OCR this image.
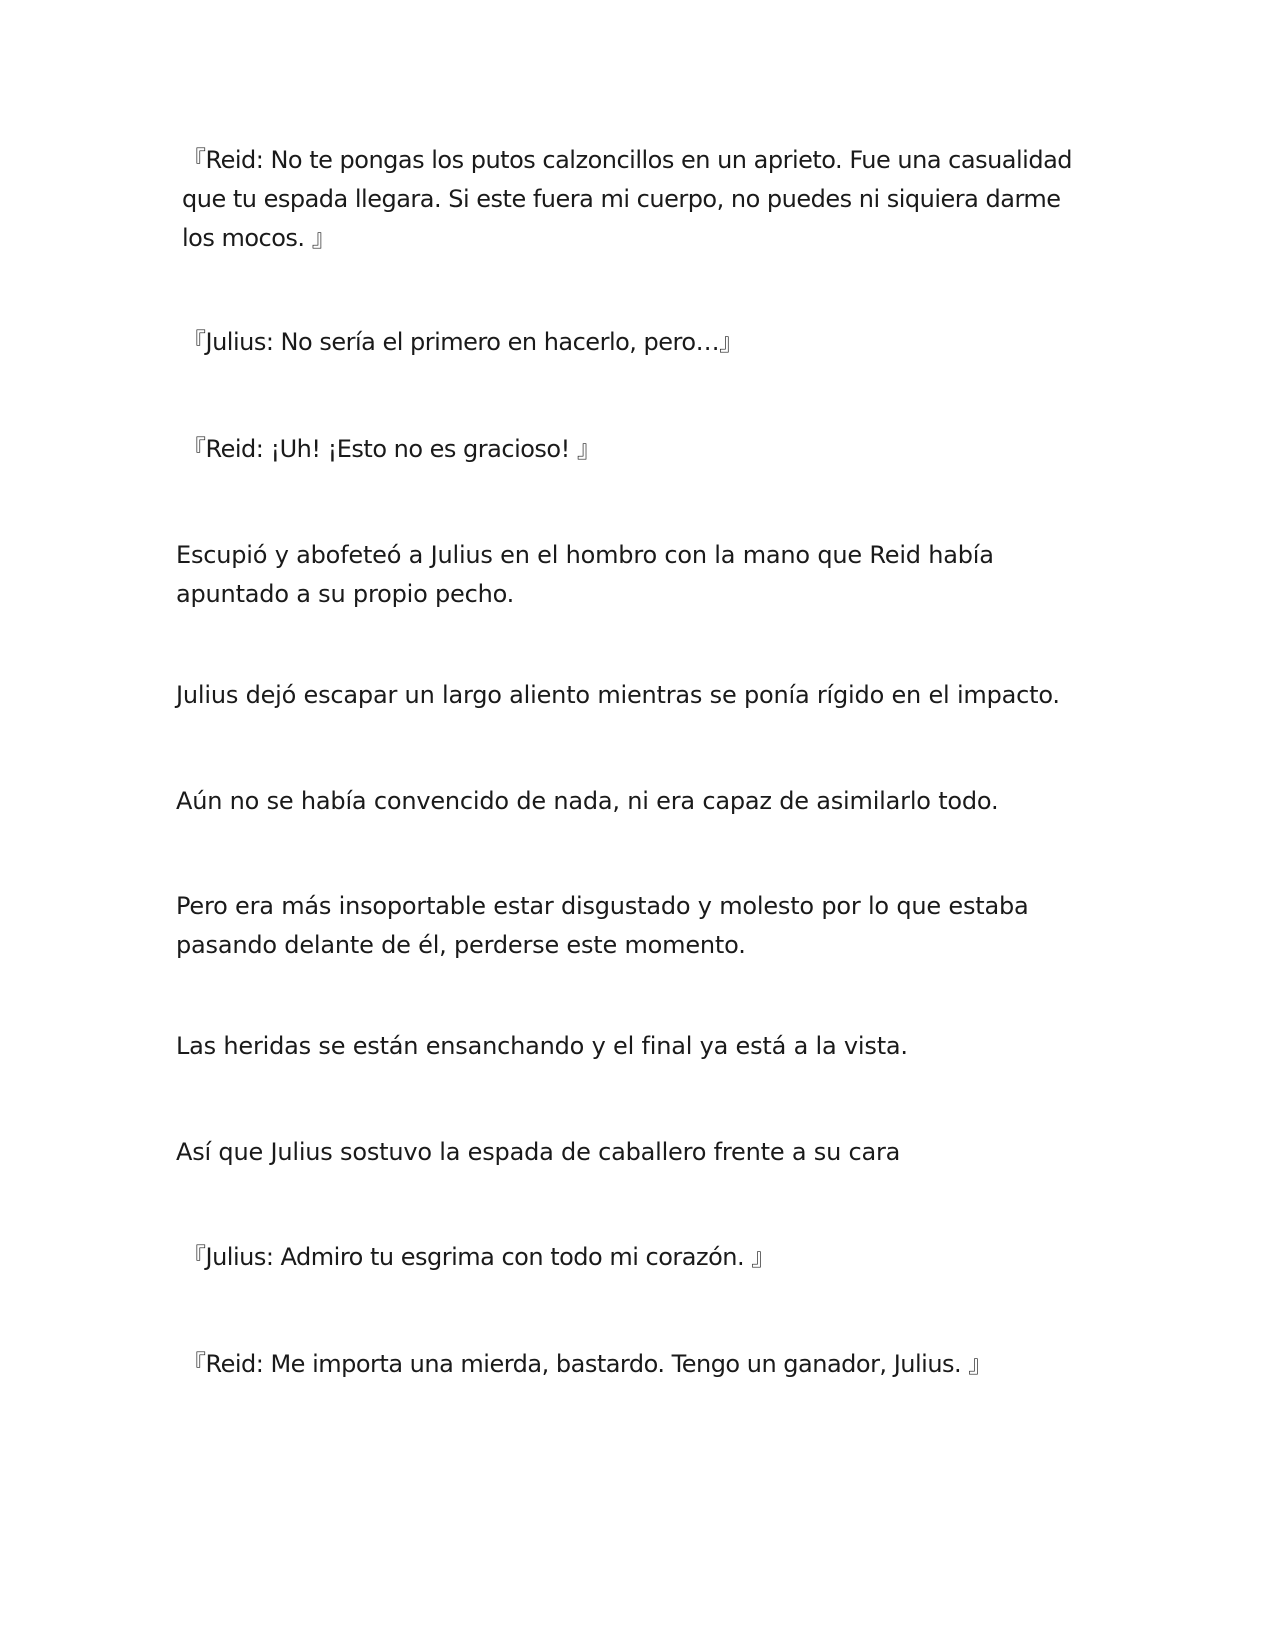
『Reid: No te pongas los putos calzoncillos en un aprieto. Fue una casualidad
que tu espada llegara. Si este fuera mi cuerpo, no puedes ni siquiera darme
los mocos. 』

『Julius: No sería el primero en hacerlo, pero…』

『Reid: ¡Uh! ¡Esto no es gracioso! 』

Escupió y abofeteó a Julius en el hombro con la mano que Reid había
apuntado a su propio pecho.

Julius dejó escapar un largo aliento mientras se ponía rígido en el impacto.

Aún no se había convencido de nada, ni era capaz de asimilarlo todo.

Pero era más insoportable estar disgustado y molesto por lo que estaba
pasando delante de él, perderse este momento.

Las heridas se están ensanchando y el final ya está a la vista.

Así que Julius sostuvo la espada de caballero frente a su cara

『Julius: Admiro tu esgrima con todo mi corazón. 』

『Reid: Me importa una mierda, bastardo. Tengo un ganador, Julius. 』
